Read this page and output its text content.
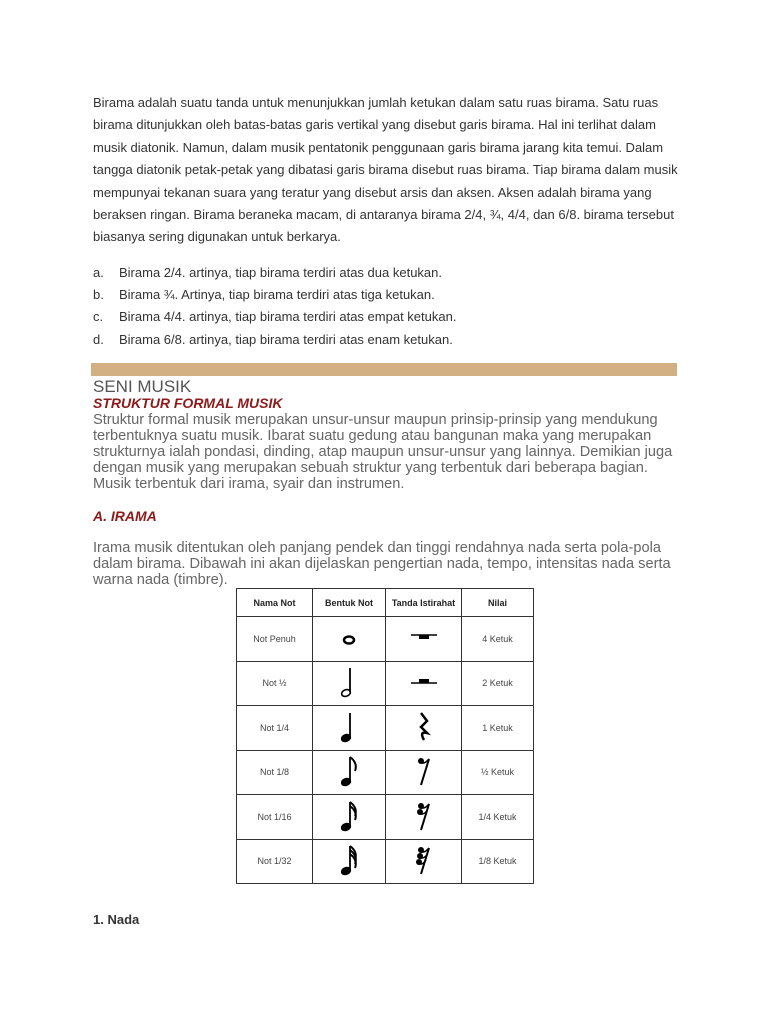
Birama adalah suatu tanda untuk menunjukkan jumlah ketukan dalam satu ruas birama. Satu ruas birama ditunjukkan oleh batas-batas garis vertikal yang disebut garis birama. Hal ini terlihat dalam musik diatonik. Namun, dalam musik pentatonik penggunaan garis birama jarang kita temui. Dalam tangga diatonik petak-petak yang dibatasi garis birama disebut ruas birama. Tiap birama dalam musik mempunyai tekanan suara yang teratur yang disebut arsis dan aksen. Aksen adalah birama yang beraksen ringan. Birama beraneka macam, di antaranya birama 2/4, ¾, 4/4, dan 6/8. birama tersebut biasanya sering digunakan untuk berkarya.
a. Birama 2/4. artinya, tiap birama terdiri atas dua ketukan.
b. Birama ¾. Artinya, tiap birama terdiri atas tiga ketukan.
c. Birama 4/4. artinya, tiap birama terdiri atas empat ketukan.
d. Birama 6/8. artinya, tiap birama terdiri atas enam ketukan.
SENI MUSIK
STRUKTUR FORMAL MUSIK
Struktur formal musik merupakan unsur-unsur maupun prinsip-prinsip yang mendukung terbentuknya suatu musik. Ibarat suatu gedung atau bangunan maka yang merupakan strukturnya ialah pondasi, dinding, atap maupun unsur-unsur yang lainnya. Demikian juga dengan musik yang merupakan sebuah struktur yang terbentuk dari beberapa bagian. Musik terbentuk dari irama, syair dan instrumen.
A. IRAMA
Irama musik ditentukan oleh panjang pendek dan tinggi rendahnya nada serta pola-pola dalam birama. Dibawah ini akan dijelaskan pengertian nada, tempo, intensitas nada serta warna nada (timbre).
Nama Not	Bentuk Not	Tanda Istirahat	Nilai
Not Penuh			4 Ketuk
Not ½			2 Ketuk
Not 1/4			1 Ketuk
Not 1/8			½ Ketuk
Not 1/16			1/4 Ketuk
Not 1/32			1/8 Ketuk
1. Nada
